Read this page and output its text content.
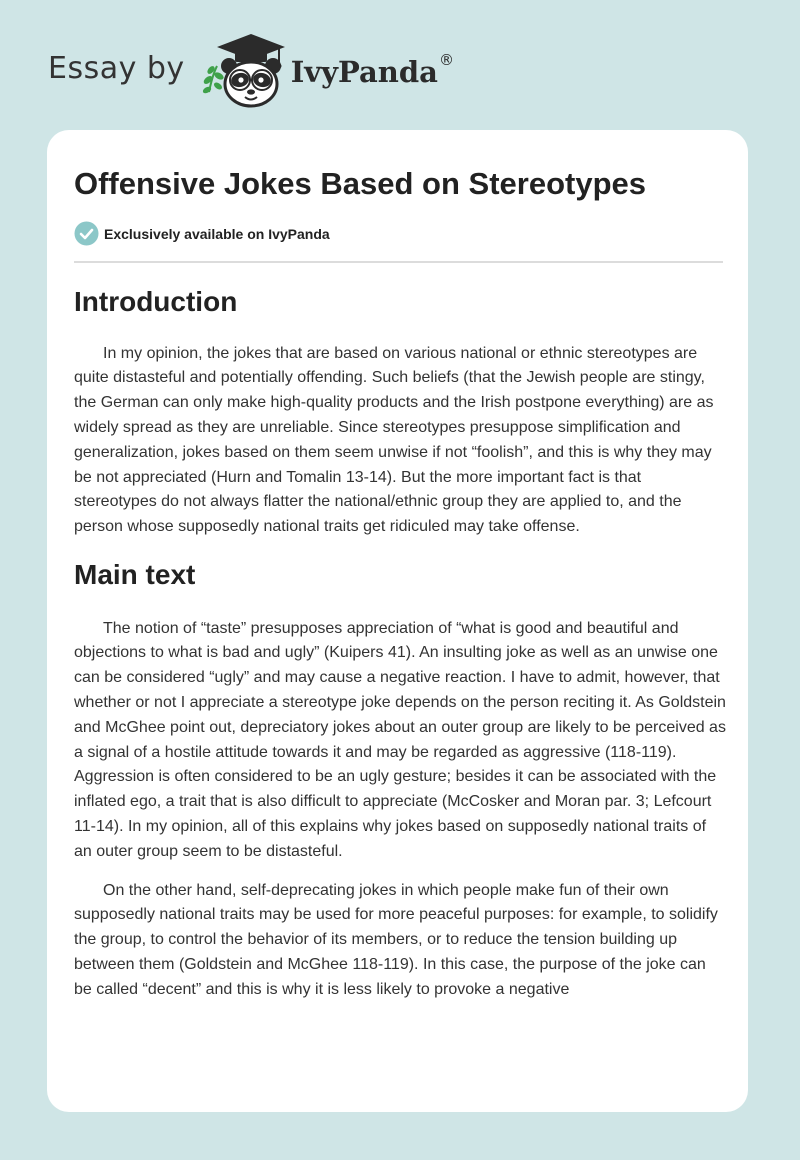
Essay by	IvyPanda®
Offensive Jokes Based on Stereotypes
Exclusively available on IvyPanda
Introduction

In my opinion, the jokes that are based on various national or ethnic stereotypes are quite distasteful and potentially offending. Such beliefs (that the Jewish people are stingy, the German can only make high-quality products and the Irish postpone everything) are as widely spread as they are unreliable. Since stereotypes presuppose simplification and generalization, jokes based on them seem unwise if not “foolish”, and this is why they may be not appreciated (Hurn and Tomalin 13-14). But the more important fact is that stereotypes do not always flatter the national/ethnic group they are applied to, and the person whose supposedly national traits get ridiculed may take offense.

Main text

The notion of “taste” presupposes appreciation of “what is good and beautiful and objections to what is bad and ugly” (Kuipers 41). An insulting joke as well as an unwise one can be considered “ugly” and may cause a negative reaction. I have to admit, however, that whether or not I appreciate a stereotype joke depends on the person reciting it. As Goldstein and McGhee point out, depreciatory jokes about an outer group are likely to be perceived as a signal of a hostile attitude towards it and may be regarded as aggressive (118-119). Aggression is often considered to be an ugly gesture; besides it can be associated with the inflated ego, a trait that is also difficult to appreciate (McCosker and Moran par. 3; Lefcourt 11-14). In my opinion, all of this explains why jokes based on supposedly national traits of an outer group seem to be distasteful.

On the other hand, self-deprecating jokes in which people make fun of their own supposedly national traits may be used for more peaceful purposes: for example, to solidify the group, to control the behavior of its members, or to reduce the tension building up between them (Goldstein and McGhee 118-119). In this case, the purpose of the joke can be called “decent” and this is why it is less likely to provoke a negative
